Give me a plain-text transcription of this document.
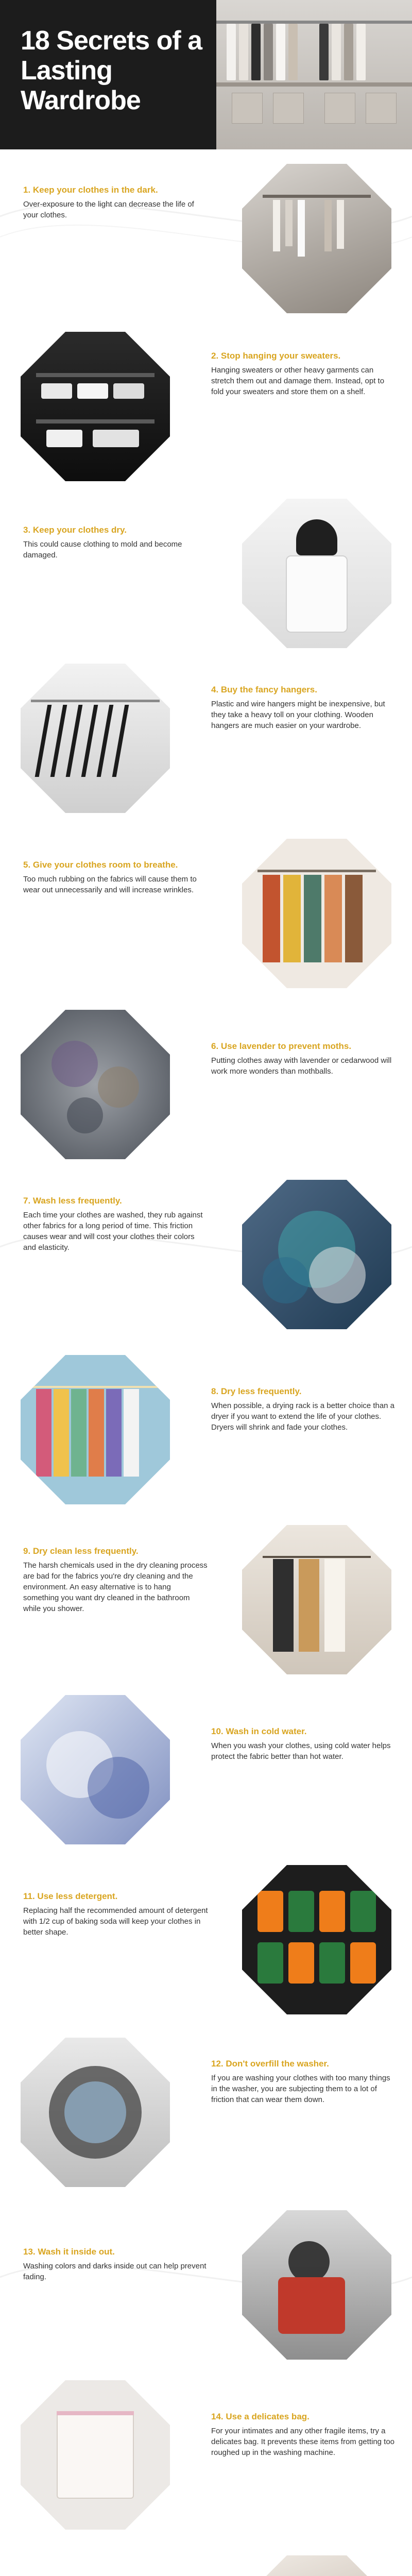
18 Secrets of a Lasting Wardrobe
1. Keep your clothes in the dark.
Over-exposure to the light can decrease the life of your clothes.
2. Stop hanging your sweaters.
Hanging sweaters or other heavy garments can stretch them out and damage them. Instead, opt to fold your sweaters and store them on a shelf.
3. Keep your clothes dry.
This could cause clothing to mold and become damaged.
4. Buy the fancy hangers.
Plastic and wire hangers might be inexpensive, but they take a heavy toll on your clothing. Wooden hangers are much easier on your wardrobe.
5. Give your clothes room to breathe.
Too much rubbing on the fabrics will cause them to wear out unnecessarily and will increase wrinkles.
6. Use lavender to prevent moths.
Putting clothes away with lavender or cedarwood will work more wonders than mothballs.
7. Wash less frequently.
Each time your clothes are washed, they rub against other fabrics for a long period of time. This friction causes wear and will cost your clothes their colors and elasticity.
8. Dry less frequently.
When possible, a drying rack is a better choice than a dryer if you want to extend the life of your clothes. Dryers will shrink and fade your clothes.
9. Dry clean less frequently.
The harsh chemicals used in the dry cleaning process are bad for the fabrics you're dry cleaning and the environment. An easy alternative is to hang something you want dry cleaned in the bathroom while you shower.
10. Wash in cold water.
When you wash your clothes, using cold water helps protect the fabric better than hot water.
11. Use less detergent.
Replacing half the recommended amount of detergent with 1/2 cup of baking soda will keep your clothes in better shape.
12. Don't overfill the washer.
If you are washing your clothes with too many things in the washer, you are subjecting them to a lot of friction that can wear them down.
13. Wash it inside out.
Washing colors and darks inside out can help prevent fading.
14. Use a delicates bag.
For your intimates and any other fragile items, try a delicates bag. It prevents these items from getting too roughed up in the washing machine.
